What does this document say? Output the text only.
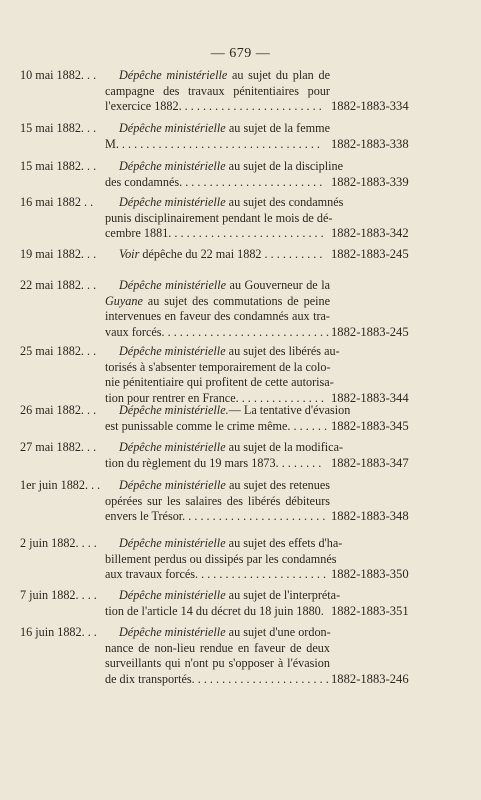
— 679 —
10 mai 1882. . .	Dépêche ministérielle au sujet du plan de
campagne des travaux pénitentiaires pour
l'exercice 1882. . . . . . . . . . . . . . . . . . . . . . . . 1882-1883-334
15 mai 1882. . .	Dépêche ministérielle au sujet de la femme
M. . . . . . . . . . . . . . . . . . . . . . . . . . . . . . . . . . 1882-1883-338
15 mai 1882. . .	Dépêche ministérielle au sujet de la discipline
des condamnés. . . . . . . . . . . . . . . . . . . . . . . . 1882-1883-339
16 mai 1882 . .	Dépêche ministérielle au sujet des condamnés
punis disciplinairement pendant le mois de dé-
cembre 1881. . . . . . . . . . . . . . . . . . . . . . . . . . 1882-1883-342
19 mai 1882. . .	Voir dépêche du 22 mai 1882 . . . . . . . . . . 1882-1883-245
22 mai 1882. . .	Dépêche ministérielle au Gouverneur de la
Guyane au sujet des commutations de peine
intervenues en faveur des condamnés aux tra-
vaux forcés. . . . . . . . . . . . . . . . . . . . . . . . . . . . 1882-1883-245
25 mai 1882. . .	Dépêche ministérielle au sujet des libérés au-
torisés à s'absenter temporairement de la colo-
nie pénitentiaire qui profitent de cette autorisa-
tion pour rentrer en France. . . . . . . . . . . . . . . 1882-1883-344
26 mai 1882. . .	Dépêche ministérielle.— La tentative d'évasion
est punissable comme le crime même. . . . . . . 1882-1883-345
27 mai 1882. . .	Dépêche ministérielle au sujet de la modifica-
tion du règlement du 19 mars 1873. . . . . . . . 1882-1883-347
1er juin 1882. . .	Dépêche ministérielle au sujet des retenues
opérées sur les salaires des libérés débiteurs
envers le Trésor. . . . . . . . . . . . . . . . . . . . . . . . 1882-1883-348
2 juin 1882. . . .	Dépêche ministérielle au sujet des effets d'ha-
billement perdus ou dissipés par les condamnés
aux travaux forcés. . . . . . . . . . . . . . . . . . . . . . 1882-1883-350
7 juin 1882. . . .	Dépêche ministérielle au sujet de l'interpréta-
tion de l'article 14 du décret du 18 juin 1880. 1882-1883-351
16 juin 1882. . .	Dépêche ministérielle au sujet d'une ordon-
nance de non-lieu rendue en faveur de deux
surveillants qui n'ont pu s'opposer à l'évasion
de dix transportés. . . . . . . . . . . . . . . . . . . . . . . 1882-1883-246
